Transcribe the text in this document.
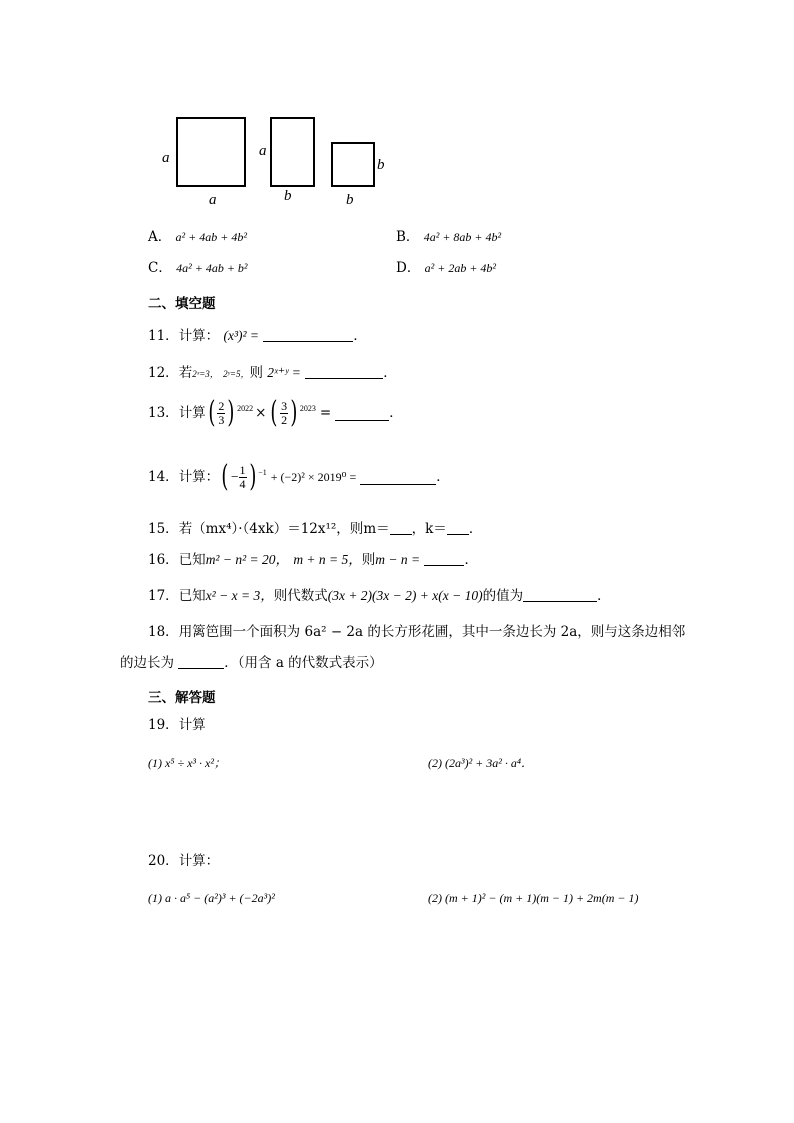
a
a
a
b
b
b
A． a² + 4ab + 4b²	B． 4a² + 8ab + 4b²
C． 4a² + 4ab + b²	D． a² + 2ab + 4b²
二、填空题
11．计算： (x³)² =	．
12．若2ˣ=3， 2ʸ=5，则 2ˣ⁺ʸ =	．
13． 计算 ( $\frac{2}{3}$ ) 2022 × ( $\frac{3}{2}$ ) 2023 =	．
14． 计算： ( − $\frac{1}{4}$ ) −1 + (−2)² × 2019⁰ =	．
15．若（mx⁴）·（4xk）＝12x¹²，则m＝ ，k＝ ．
16．已知m² − n² = 20， m + n = 5，则m − n =	．
17．已知x² − x = 3，则代数式(3x + 2)(3x − 2) + x(x − 10)的值为	．
18．用篱笆围一个面积为 6a² − 2a 的长方形花圃，其中一条边长为 2a，则与这条边相邻
的边长为	．（用含 a 的代数式表示）
三、解答题
19．计算
(1) x⁵ ÷ x³ · x²；	(2) (2a³)² + 3a² · a⁴．
20．计算：
(1) a · a⁵ − (a²)³ + (−2a³)²	(2) (m + 1)² − (m + 1)(m − 1) + 2m(m − 1)
